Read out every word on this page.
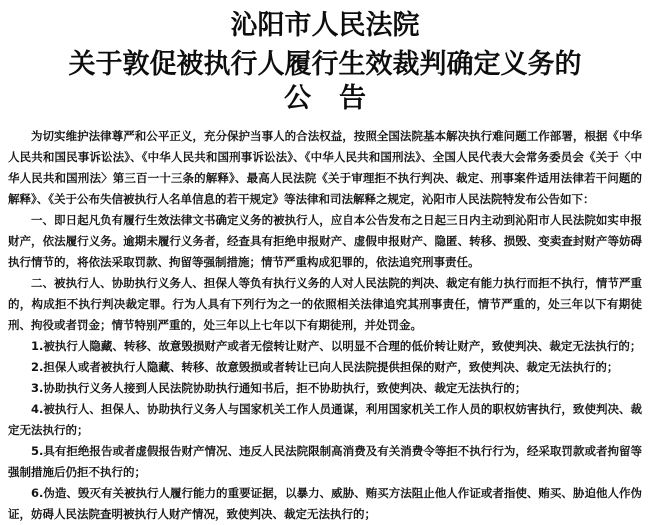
沁阳市人民法院
关于敦促被执行人履行生效裁判确定义务的
公告

为切实维护法律尊严和公平正义，充分保护当事人的合法权益，按照全国法院基本解决执行难问题工作部署，根据《中华人民共和国民事诉讼法》、《中华人民共和国刑事诉讼法》、《中华人民共和国刑法》、全国人民代表大会常务委员会《关于〈中华人民共和国刑法〉第三百一十三条的解释》、最高人民法院《关于审理拒不执行判决、裁定、刑事案件适用法律若干问题的解释》、《关于公布失信被执行人名单信息的若干规定》等法律和司法解释之规定，沁阳市人民法院特发布公告如下：

一、即日起凡负有履行生效法律文书确定义务的被执行人，应自本公告发布之日起三日内主动到沁阳市人民法院如实申报财产，依法履行义务。逾期未履行义务者，经查具有拒绝申报财产、虚假申报财产、隐匿、转移、损毁、变卖查封财产等妨碍执行情节的，将依法采取罚款、拘留等强制措施；情节严重构成犯罪的，依法追究刑事责任。

二、被执行人、协助执行义务人、担保人等负有执行义务的人对人民法院的判决、裁定有能力执行而拒不执行，情节严重的，构成拒不执行判决裁定罪。行为人具有下列行为之一的依照相关法律追究其刑事责任，情节严重的，处三年以下有期徒刑、拘役或者罚金；情节特别严重的，处三年以上七年以下有期徒刑，并处罚金。

1.被执行人隐藏、转移、故意毁损财产或者无偿转让财产、以明显不合理的低价转让财产，致使判决、裁定无法执行的；

2.担保人或者被执行人隐藏、转移、故意毁损或者转让已向人民法院提供担保的财产，致使判决、裁定无法执行的；

3.协助执行义务人接到人民法院协助执行通知书后，拒不协助执行，致使判决、裁定无法执行的；

4.被执行人、担保人、协助执行义务人与国家机关工作人员通谋，利用国家机关工作人员的职权妨害执行，致使判决、裁定无法执行的；

5.具有拒绝报告或者虚假报告财产情况、违反人民法院限制高消费及有关消费令等拒不执行行为，经采取罚款或者拘留等强制措施后仍拒不执行的；

6.伪造、毁灭有关被执行人履行能力的重要证据，以暴力、威胁、贿买方法阻止他人作证或者指使、贿买、胁迫他人作伪证，妨碍人民法院查明被执行人财产情况，致使判决、裁定无法执行的；
